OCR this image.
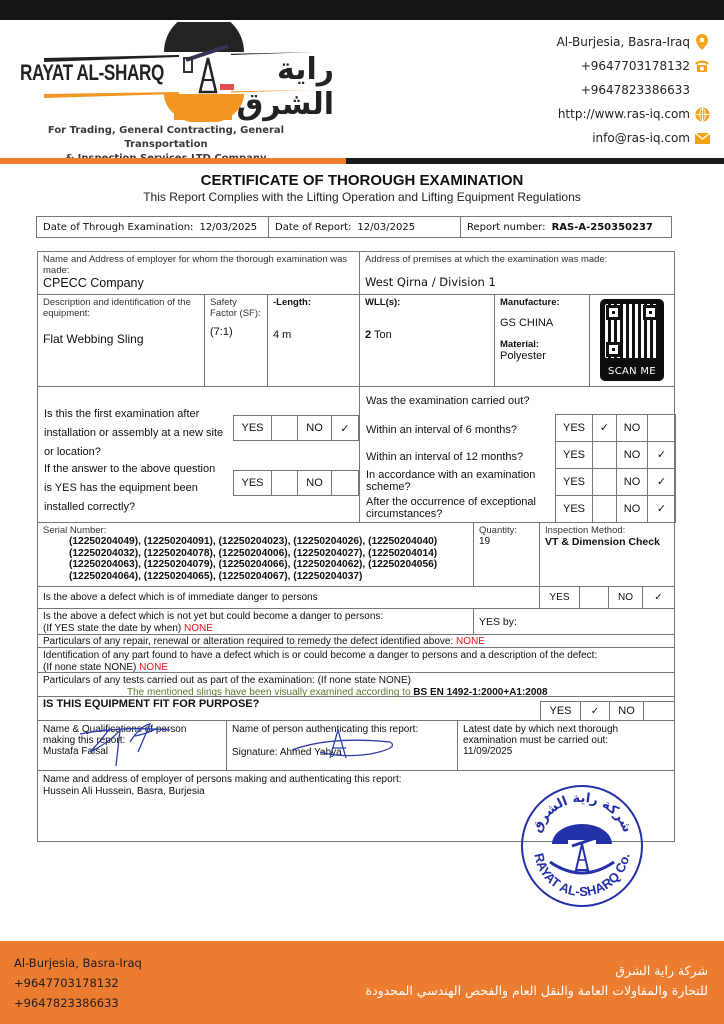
RAYAT AL-SHARQ	راية الشرق
For Trading, General Contracting, General Transportation
Al-Burjesia, Basra-Iraq
+9647703178132
+9647823386633
http://www.ras-iq.com
info@ras-iq.com
CERTIFICATE OF THOROUGH EXAMINATION
This Report Complies with the Lifting Operation and Lifting Equipment Regulations
Date of Through Examination: 12/03/2025 Date of Report: 12/03/2025	Report number: RAS-A-250350237
Name and Address of employer for whom the thorough examination was made:
CPECC Company
Address of premises at which the examination was made:
West Qirna / Division 1
Description and identification of the equipment:
Flat Webbing Sling
Safety Factor (SF):
(7:1)
-Length:
4 m
WLL(s):
2 Ton
Manufacture:
GS CHINA
Material:
Polyester
SCAN ME
Is this the first examination after installation or assembly at a new site or location?
YES	NO	✓
If the answer to the above question is YES has the equipment been installed correctly?
YES	NO
Was the examination carried out?
Within an interval of 6 months?	YES	✓	NO
Within an interval of 12 months?	YES	NO	✓
In accordance with an examination scheme?	YES	NO	✓
After the occurrence of exceptional circumstances?	YES	NO	✓
Serial Number:
(12250204049), (12250204091), (12250204023), (12250204026), (12250204040)
(12250204032), (12250204078), (12250204006), (12250204027), (12250204014)
(12250204063), (12250204079), (12250204066), (12250204062), (12250204056)
(12250204064), (12250204065), (12250204067), (12250204037)
Quantity:
19
Inspection Method:
VT & Dimension Check
Is the above a defect which is of immediate danger to persons	YES	NO	✓
Is the above a defect which is not yet but could become a danger to persons:
(If YES state the date by when) NONE
YES by:
Particulars of any repair, renewal or alteration required to remedy the defect identified above: NONE
Identification of any part found to have a defect which is or could become a danger to persons and a description of the defect:
(If none state NONE) NONE
Particulars of any tests carried out as part of the examination: (If none state NONE)
The mentioned slings have been visually examined according to BS EN 1492-1:2000+A1:2008
IS THIS EQUIPMENT FIT FOR PURPOSE?
YES	✓	NO
Name & Qualifications of person making this report:
Mustafa Faisal
Name of person authenticating this report:
Signature: Ahmed Yahya
Latest date by which next thorough examination must be carried out:
11/09/2025
Name and address of employer of persons making and authenticating this report:
Hussein Ali Hussein, Basra, Burjesia
شركة راية الشرق
RAYAT AL-SHARQ Co.
Al-Burjesia, Basra-Iraq
+9647703178132
+9647823386633
شركة راية الشرق
للتجارة والمقاولات العامة والنقل العام والفحص الهندسي المحدودة
